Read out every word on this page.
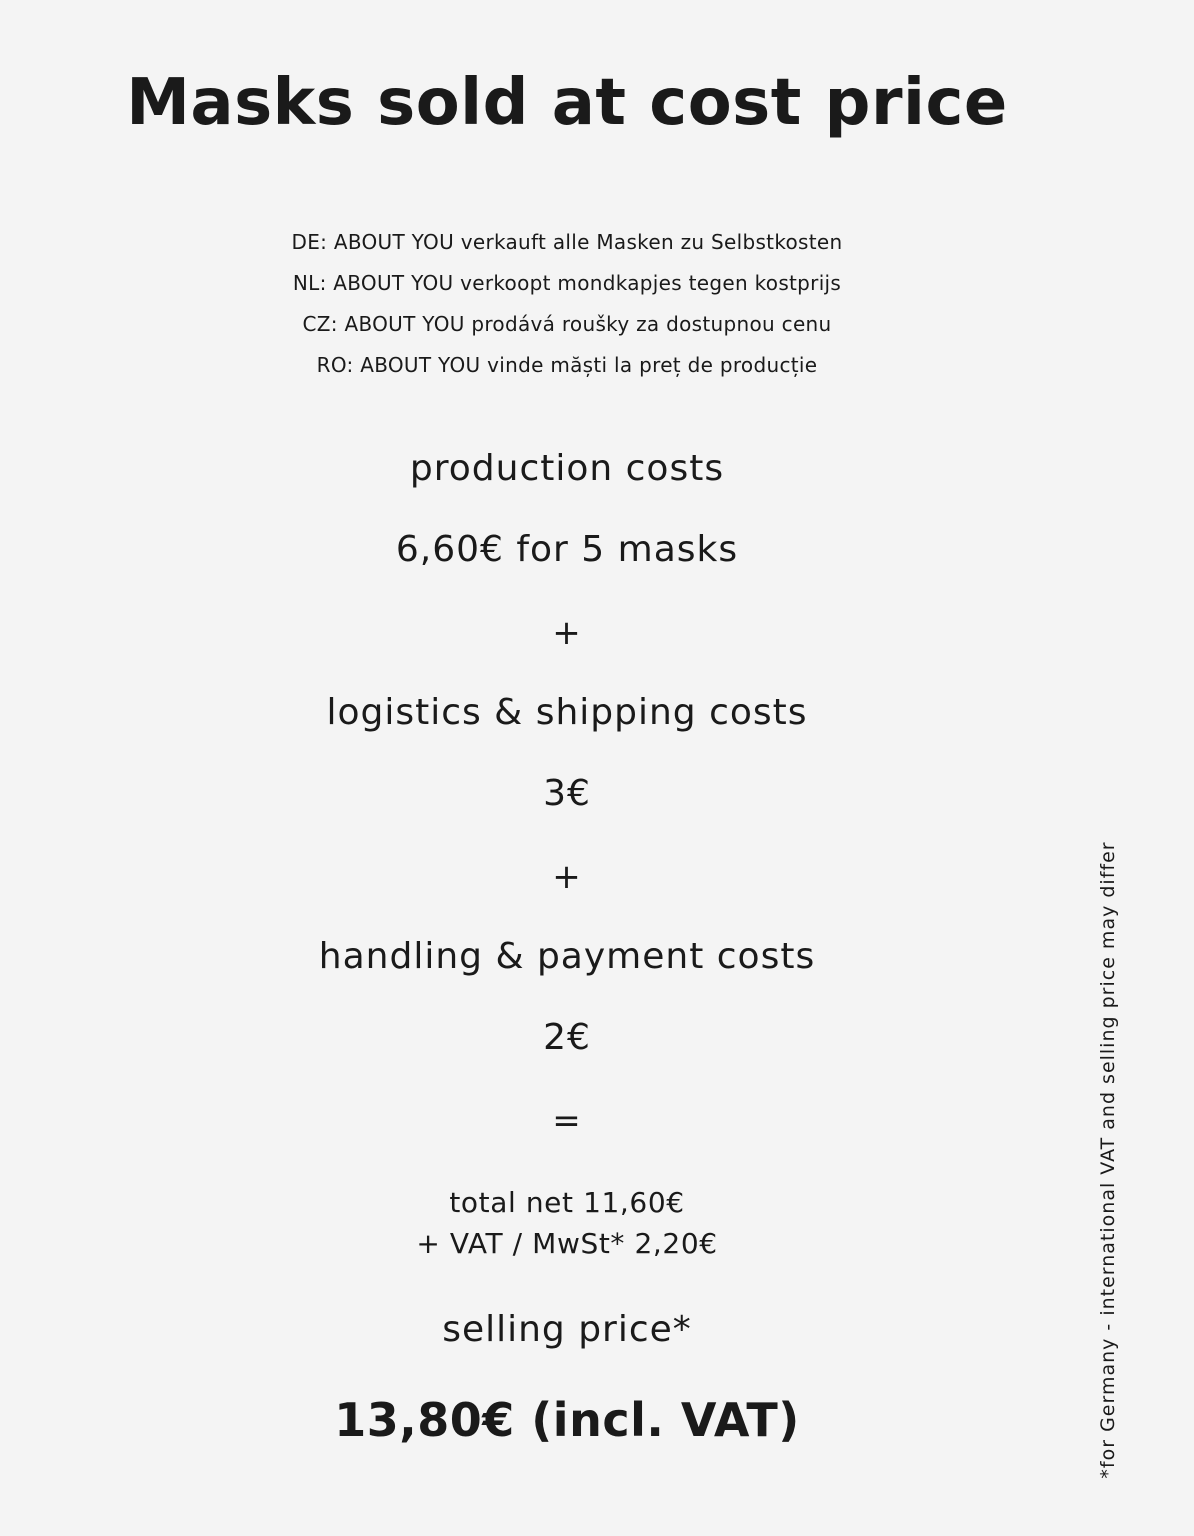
Masks sold at cost price
DE: ABOUT YOU verkauft alle Masken zu Selbstkosten
NL: ABOUT YOU verkoopt mondkapjes tegen kostprijs
CZ: ABOUT YOU prodává roušky za dostupnou cenu
RO: ABOUT YOU vinde măști la preț de producție
production costs
6,60€ for 5 masks
+
logistics & shipping costs
3€
+
handling & payment costs
2€
=
total net 11,60€
+ VAT / MwSt* 2,20€
selling price*
13,80€ (incl. VAT)	*for Germany - international VAT and selling price may differ
